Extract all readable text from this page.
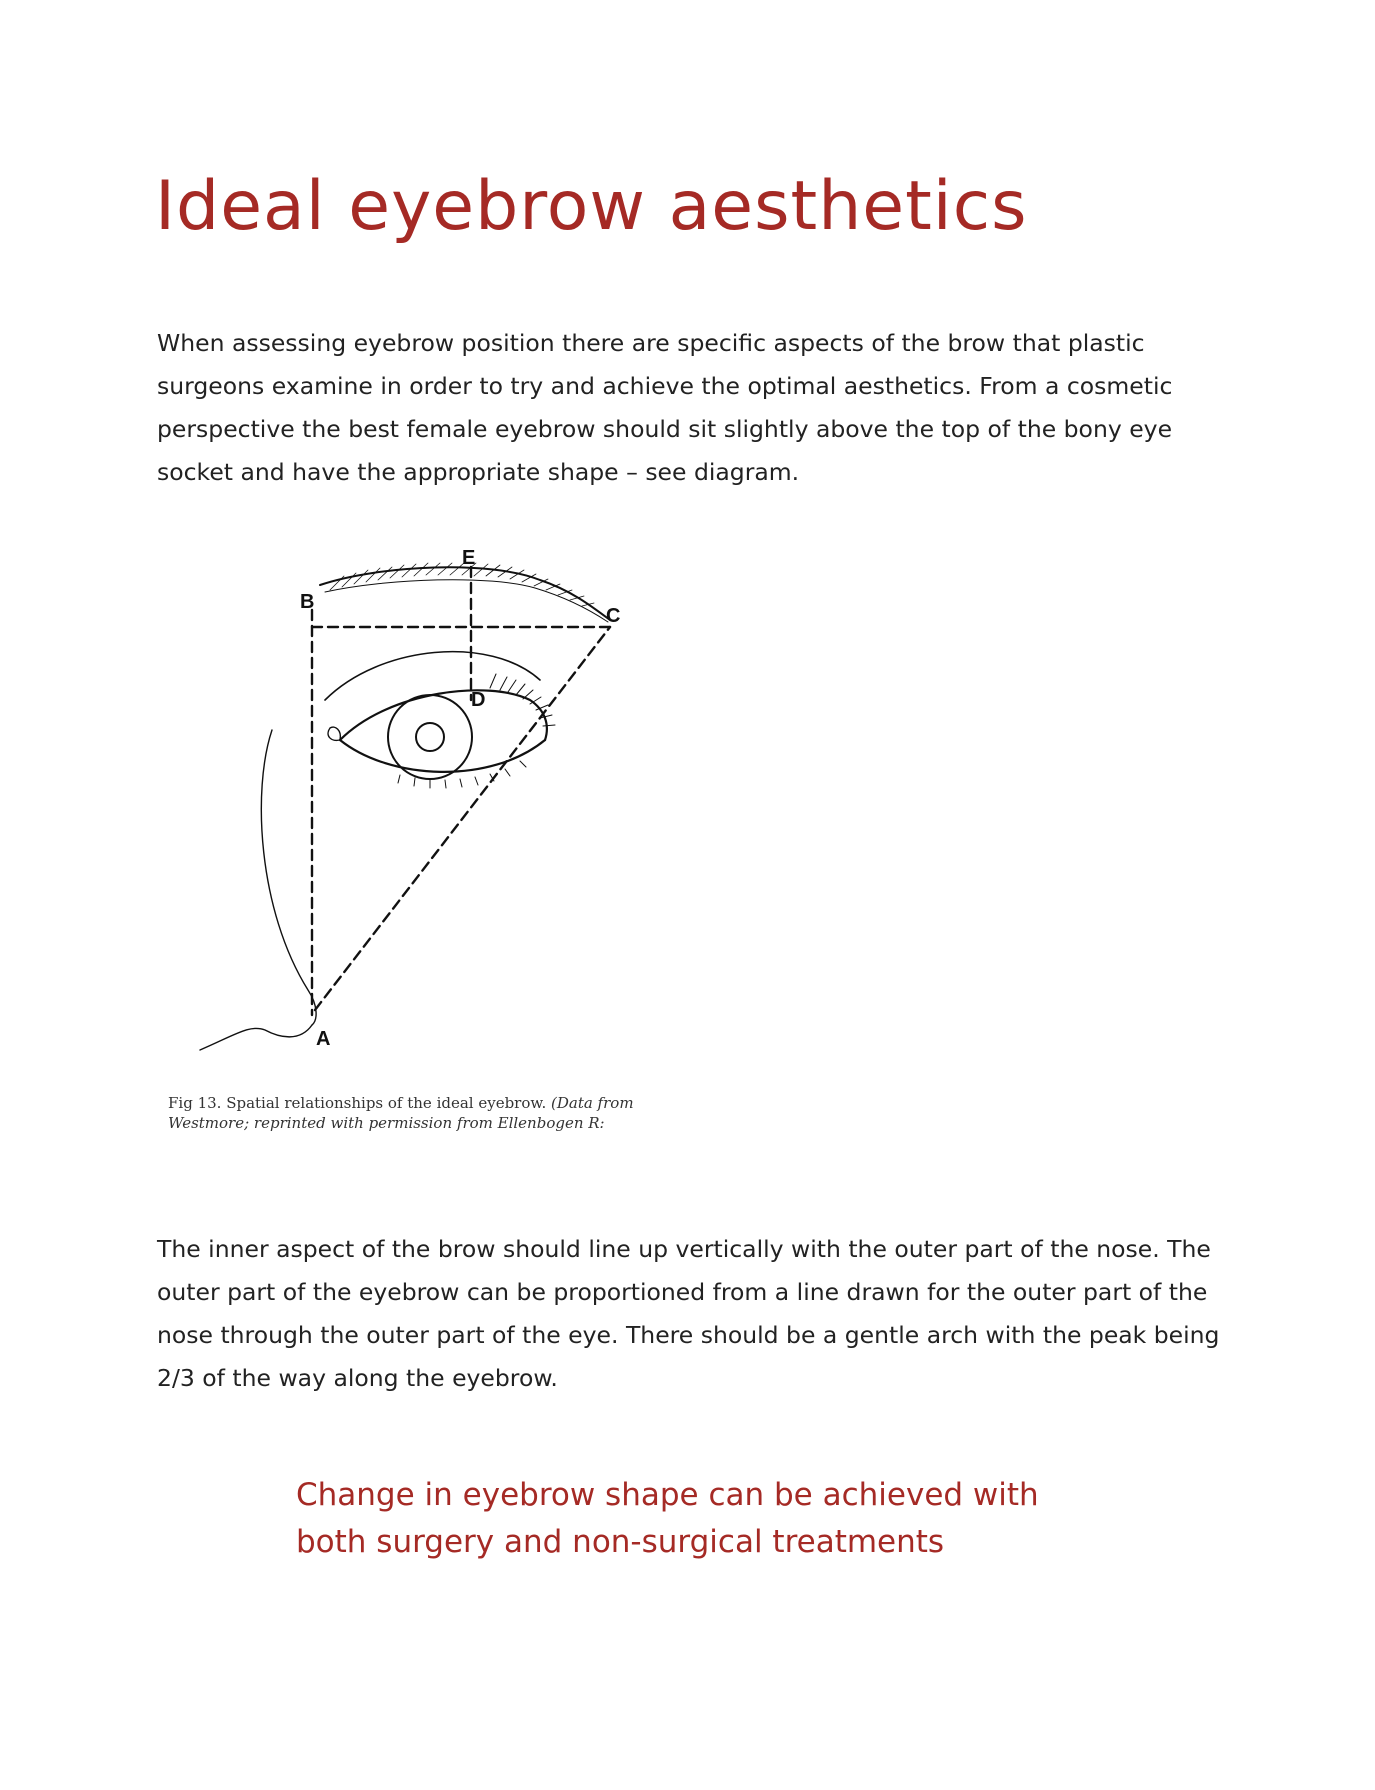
Ideal eyebrow aesthetics

When assessing eyebrow position there are specific aspects of the brow that plastic surgeons examine in order to try and achieve the optimal aesthetics. From a cosmetic perspective the best female eyebrow should sit slightly above the top of the bony eye socket and have the appropriate shape – see diagram.

A
B
C
D
E
Fig 13. Spatial relationships of the ideal eyebrow. (Data from
Westmore; reprinted with permission from Ellenbogen R:

The inner aspect of the brow should line up vertically with the outer part of the nose. The outer part of the eyebrow can be proportioned from a line drawn for the outer part of the nose through the outer part of the eye. There should be a gentle arch with the peak being 2/3 of the way along the eyebrow.

Change in eyebrow shape can be achieved with
both surgery and non-surgical treatments
